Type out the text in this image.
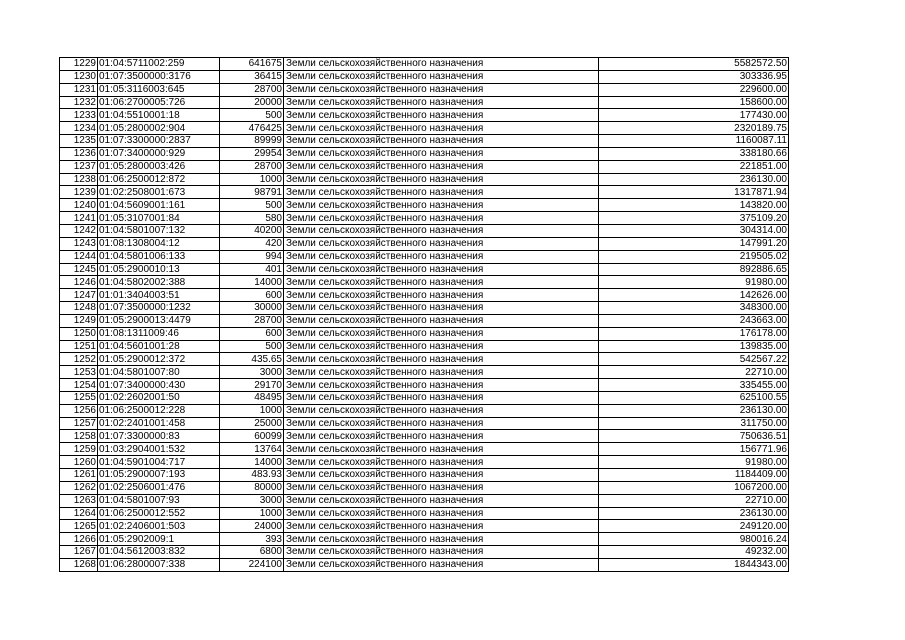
1229	01:04:5711002:259	641675	Земли сельскохозяйственного назначения	5582572.50
1230	01:07:3500000:3176	36415	Земли сельскохозяйственного назначения	303336.95
1231	01:05:3116003:645	28700	Земли сельскохозяйственного назначения	229600.00
1232	01:06:2700005:726	20000	Земли сельскохозяйственного назначения	158600.00
1233	01:04:5510001:18	500	Земли сельскохозяйственного назначения	177430.00
1234	01:05:2800002:904	476425	Земли сельскохозяйственного назначения	2320189.75
1235	01:07:3300000:2837	89999	Земли сельскохозяйственного назначения	1160087.11
1236	01:07:3400000:929	29954	Земли сельскохозяйственного назначения	338180.66
1237	01:05:2800003:426	28700	Земли сельскохозяйственного назначения	221851.00
1238	01:06:2500012:872	1000	Земли сельскохозяйственного назначения	236130.00
1239	01:02:2508001:673	98791	Земли сельскохозяйственного назначения	1317871.94
1240	01:04:5609001:161	500	Земли сельскохозяйственного назначения	143820.00
1241	01:05:3107001:84	580	Земли сельскохозяйственного назначения	375109.20
1242	01:04:5801007:132	40200	Земли сельскохозяйственного назначения	304314.00
1243	01:08:1308004:12	420	Земли сельскохозяйственного назначения	147991.20
1244	01:04:5801006:133	994	Земли сельскохозяйственного назначения	219505.02
1245	01:05:2900010:13	401	Земли сельскохозяйственного назначения	892886.65
1246	01:04:5802002:388	14000	Земли сельскохозяйственного назначения	91980.00
1247	01:01:3404003:51	600	Земли сельскохозяйственного назначения	142626.00
1248	01:07:3500000:1232	30000	Земли сельскохозяйственного назначения	348300.00
1249	01:05:2900013:4479	28700	Земли сельскохозяйственного назначения	243663.00
1250	01:08:1311009:46	600	Земли сельскохозяйственного назначения	176178.00
1251	01:04:5601001:28	500	Земли сельскохозяйственного назначения	139835.00
1252	01:05:2900012:372	435.65	Земли сельскохозяйственного назначения	542567.22
1253	01:04:5801007:80	3000	Земли сельскохозяйственного назначения	22710.00
1254	01:07:3400000:430	29170	Земли сельскохозяйственного назначения	335455.00
1255	01:02:2602001:50	48495	Земли сельскохозяйственного назначения	625100.55
1256	01:06:2500012:228	1000	Земли сельскохозяйственного назначения	236130.00
1257	01:02:2401001:458	25000	Земли сельскохозяйственного назначения	311750.00
1258	01:07:3300000:83	60099	Земли сельскохозяйственного назначения	750636.51
1259	01:03:2904001:532	13764	Земли сельскохозяйственного назначения	156771.96
1260	01:04:5901004:717	14000	Земли сельскохозяйственного назначения	91980.00
1261	01:05:2900007:193	483.93	Земли сельскохозяйственного назначения	1184409.00
1262	01:02:2506001:476	80000	Земли сельскохозяйственного назначения	1067200.00
1263	01:04:5801007:93	3000	Земли сельскохозяйственного назначения	22710.00
1264	01:06:2500012:552	1000	Земли сельскохозяйственного назначения	236130.00
1265	01:02:2406001:503	24000	Земли сельскохозяйственного назначения	249120.00
1266	01:05:2902009:1	393	Земли сельскохозяйственного назначения	980016.24
1267	01:04:5612003:832	6800	Земли сельскохозяйственного назначения	49232.00
1268	01:06:2800007:338	224100	Земли сельскохозяйственного назначения	1844343.00
